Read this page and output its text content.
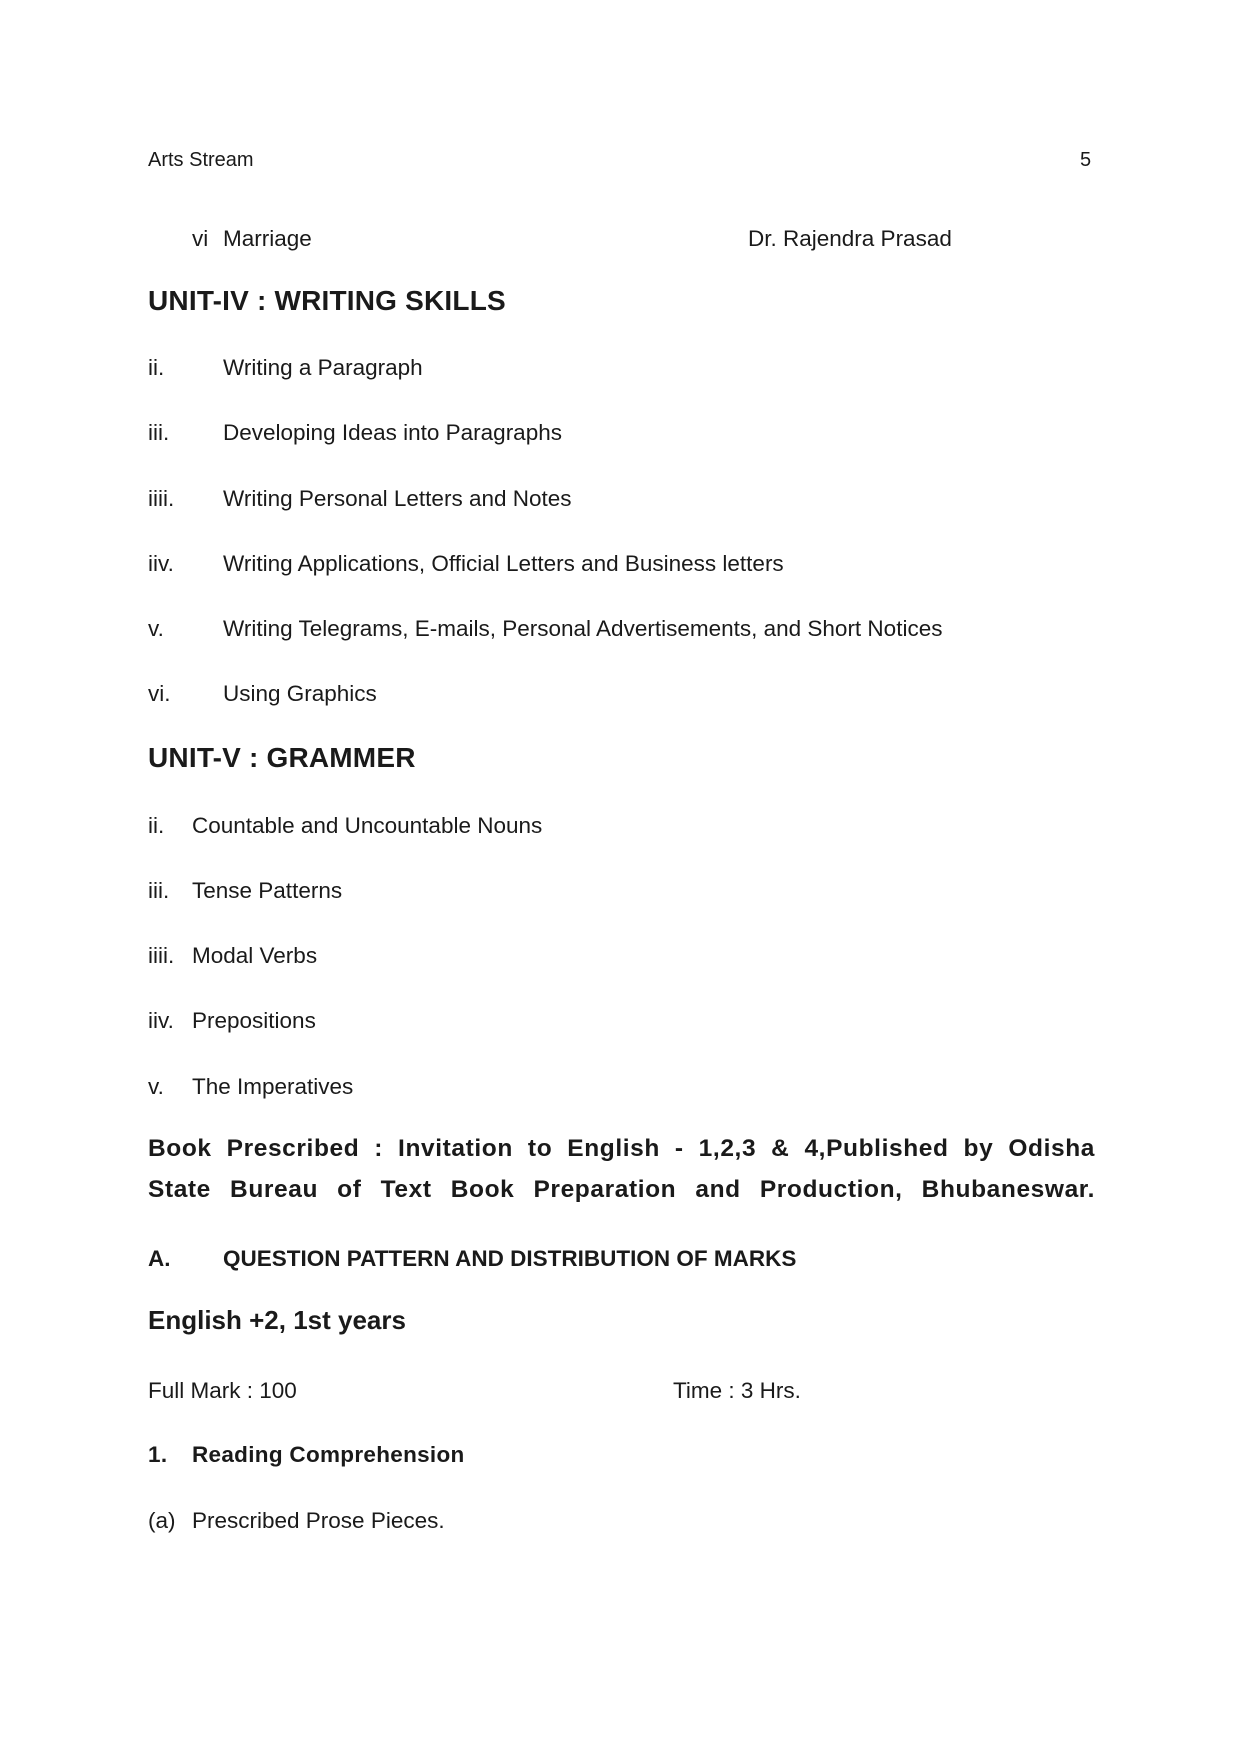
Arts Stream	5
vi Marriage	Dr. Rajendra Prasad
UNIT-IV : WRITING SKILLS
ii.	Writing a Paragraph
iii. Developing Ideas into Paragraphs
iiii. Writing Personal Letters and Notes
iiv. Writing Applications, Official Letters and Business letters
v.	Writing Telegrams, E-mails, Personal Advertisements, and Short Notices
vi. Using Graphics
UNIT-V : GRAMMER
ii. Countable and Uncountable Nouns
iii. Tense Patterns
iiii. Modal Verbs
iiv. Prepositions
v. The Imperatives
Book Prescribed : Invitation to English - 1,2,3 & 4,Published by Odisha
State Bureau of Text Book Preparation and Production, Bhubaneswar.
A. QUESTION PATTERN AND DISTRIBUTION OF MARKS
English +2, 1st years
Full Mark : 100	Time : 3 Hrs.
1. Reading Comprehension
(a) Prescribed Prose Pieces.
